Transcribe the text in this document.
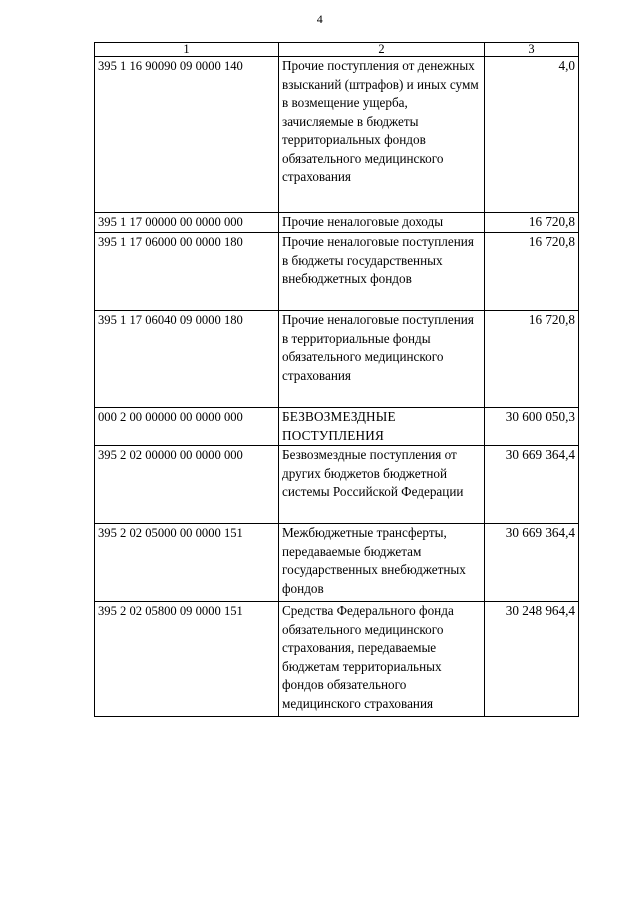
4
1	2	3
395 1 16 90090 09 0000 140	Прочие поступления от денежных взысканий (штрафов) и иных сумм в возмещение ущерба, зачисляемые в бюджеты территориальных фондов обязательного медицинского страхования	4,0
395 1 17 00000 00 0000 000	Прочие неналоговые доходы	16 720,8
395 1 17 06000 00 0000 180	Прочие неналоговые поступления в бюджеты государственных внебюджетных фондов	16 720,8
395 1 17 06040 09 0000 180	Прочие неналоговые поступления в территориальные фонды обязательного медицинского страхования	16 720,8
000 2 00 00000 00 0000 000	БЕЗВОЗМЕЗДНЫЕ ПОСТУПЛЕНИЯ	30 600 050,3
395 2 02 00000 00 0000 000	Безвозмездные поступления от других бюджетов бюджетной системы Российской Федерации	30 669 364,4
395 2 02 05000 00 0000 151	Межбюджетные трансферты, передаваемые бюджетам государственных внебюджетных фондов	30 669 364,4
395 2 02 05800 09 0000 151	Средства Федерального фонда обязательного медицинского страхования, передаваемые бюджетам территориальных фондов обязательного медицинского страхования	30 248 964,4
